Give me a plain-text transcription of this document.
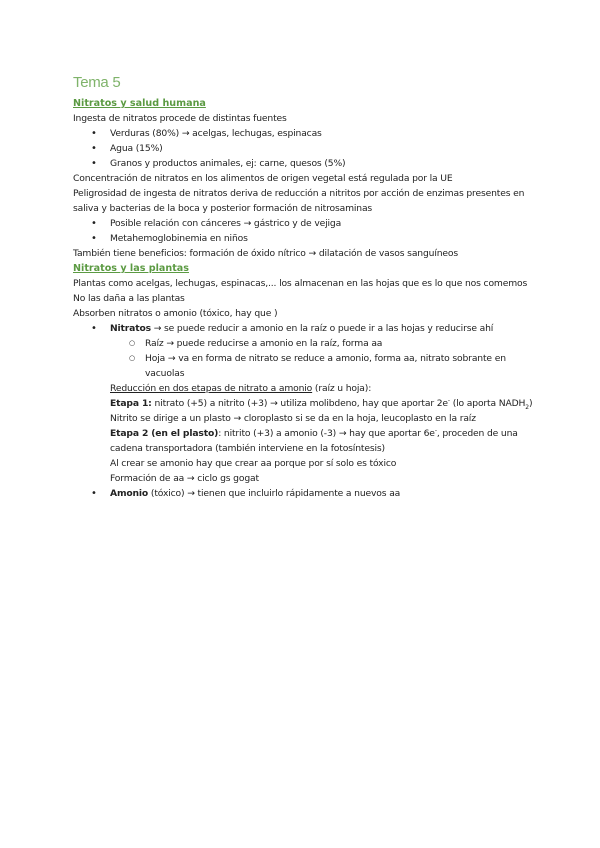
Tema 5
Nitratos y salud humana

Ingesta de nitratos procede de distintas fuentes

• Verduras (80%) → acelgas, lechugas, espinacas
• Agua (15%)
• Granos y productos animales, ej: carne, quesos (5%)

Concentración de nitratos en los alimentos de origen vegetal está regulada por la UE

Peligrosidad de ingesta de nitratos deriva de reducción a nitritos por acción de enzimas presentes en saliva y bacterias de la boca y posterior formación de nitrosaminas

• Posible relación con cánceres → gástrico y de vejiga
• Metahemoglobinemia en niños

También tiene beneficios: formación de óxido nítrico → dilatación de vasos sanguíneos

Nitratos y las plantas

Plantas como acelgas, lechugas, espinacas,... los almacenan en las hojas que es lo que nos comemos

No las daña a las plantas

Absorben nitratos o amonio (tóxico, hay que )

• Nitratos → se puede reducir a amonio en la raíz o puede ir a las hojas y reducirse ahí
○ Raíz → puede reducirse a amonio en la raíz, forma aa
○ Hoja → va en forma de nitrato se reduce a amonio, forma aa, nitrato sobrante en vacuolas

Reducción en dos etapas de nitrato a amonio (raíz u hoja):

Etapa 1: nitrato (+5) a nitrito (+3) → utiliza molibdeno, hay que aportar 2e- (lo aporta $NADH_2$)

Nitrito se dirige a un plasto → cloroplasto si se da en la hoja, leucoplasto en la raíz

Etapa 2 (en el plasto): nitrito (+3) a amonio (-3) → hay que aportar 6e-, proceden de una cadena transportadora (también interviene en la fotosíntesis)

Al crear se amonio hay que crear aa porque por sí solo es tóxico

Formación de aa → ciclo gs gogat

• Amonio (tóxico) → tienen que incluirlo rápidamente a nuevos aa
